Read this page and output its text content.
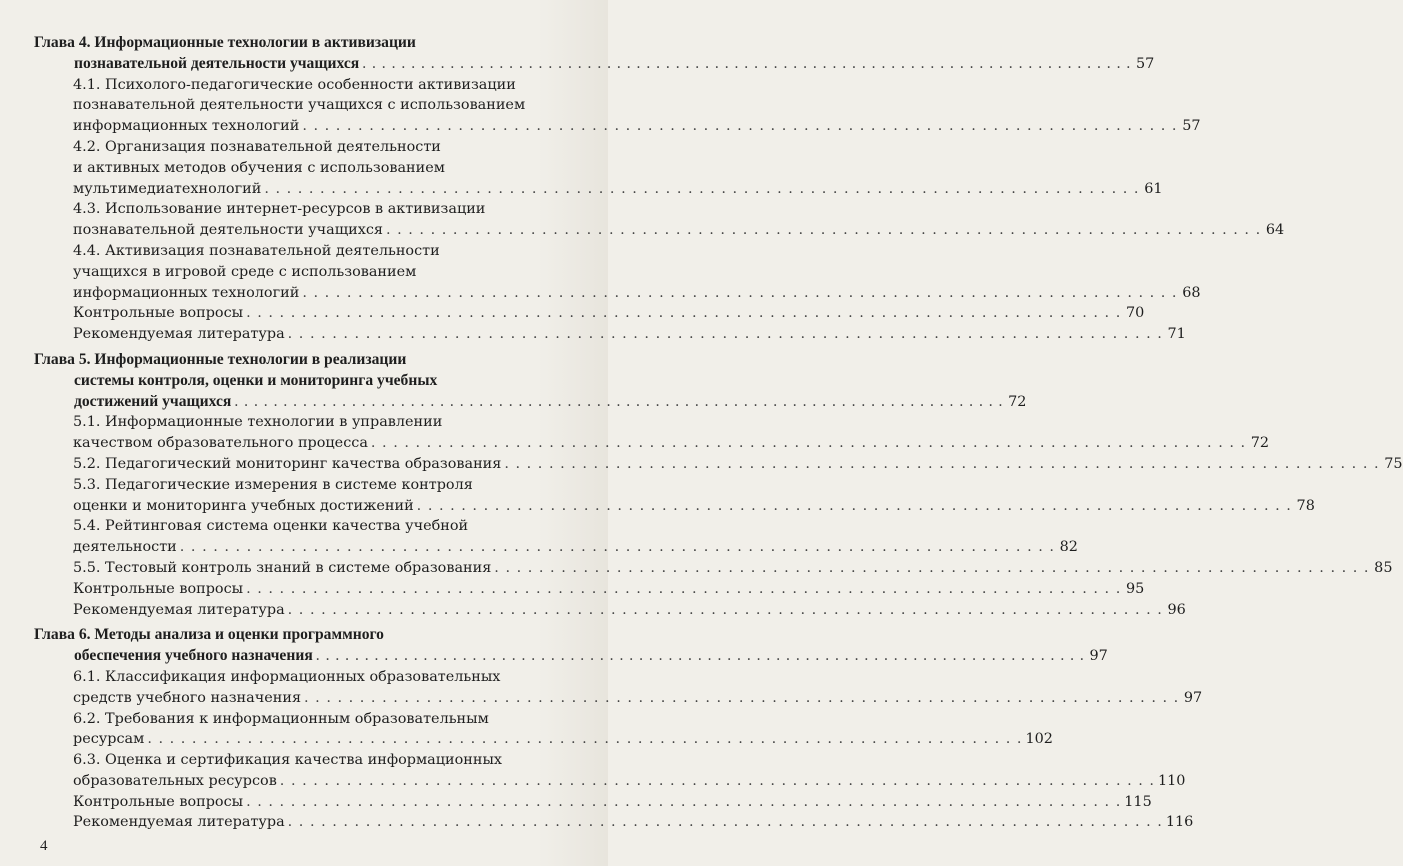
Глава 4. Информационные технологии в активизации
познавательной деятельности учащихся . . .	57
4.1. Психолого-педагогические особенности активизации
познавательной деятельности учащихся с использованием
информационных технологий . . .	57
4.2. Организация познавательной деятельности
и активных методов обучения с использованием
мультимедиатехнологий . . .	61
4.3. Использование интернет-ресурсов в активизации
познавательной деятельности учащихся . . .	64
4.4. Активизация познавательной деятельности
учащихся в игровой среде с использованием
информационных технологий . . .	68
Контрольные вопросы . . .	70
Рекомендуемая литература . . .	71
Глава 5. Информационные технологии в реализации
системы контроля, оценки и мониторинга учебных
достижений учащихся . . .	72
5.1. Информационные технологии в управлении
качеством образовательного процесса . . .	72
5.2. Педагогический мониторинг качества образования . . .	75
5.3. Педагогические измерения в системе контроля
оценки и мониторинга учебных достижений . . .	78
5.4. Рейтинговая система оценки качества учебной
деятельности . . .	82
5.5. Тестовый контроль знаний в системе образования . . .	85
Контрольные вопросы . . .	95
Рекомендуемая литература . . .	96
Глава 6. Методы анализа и оценки программного
обеспечения учебного назначения . . .	97
6.1. Классификация информационных образовательных
средств учебного назначения . . .	97
6.2. Требования к информационным образовательным
ресурсам . . .	102
6.3. Оценка и сертификация качества информационных
образовательных ресурсов . . .	110
Контрольные вопросы . . .	115
Рекомендуемая литература . . .	116
4
